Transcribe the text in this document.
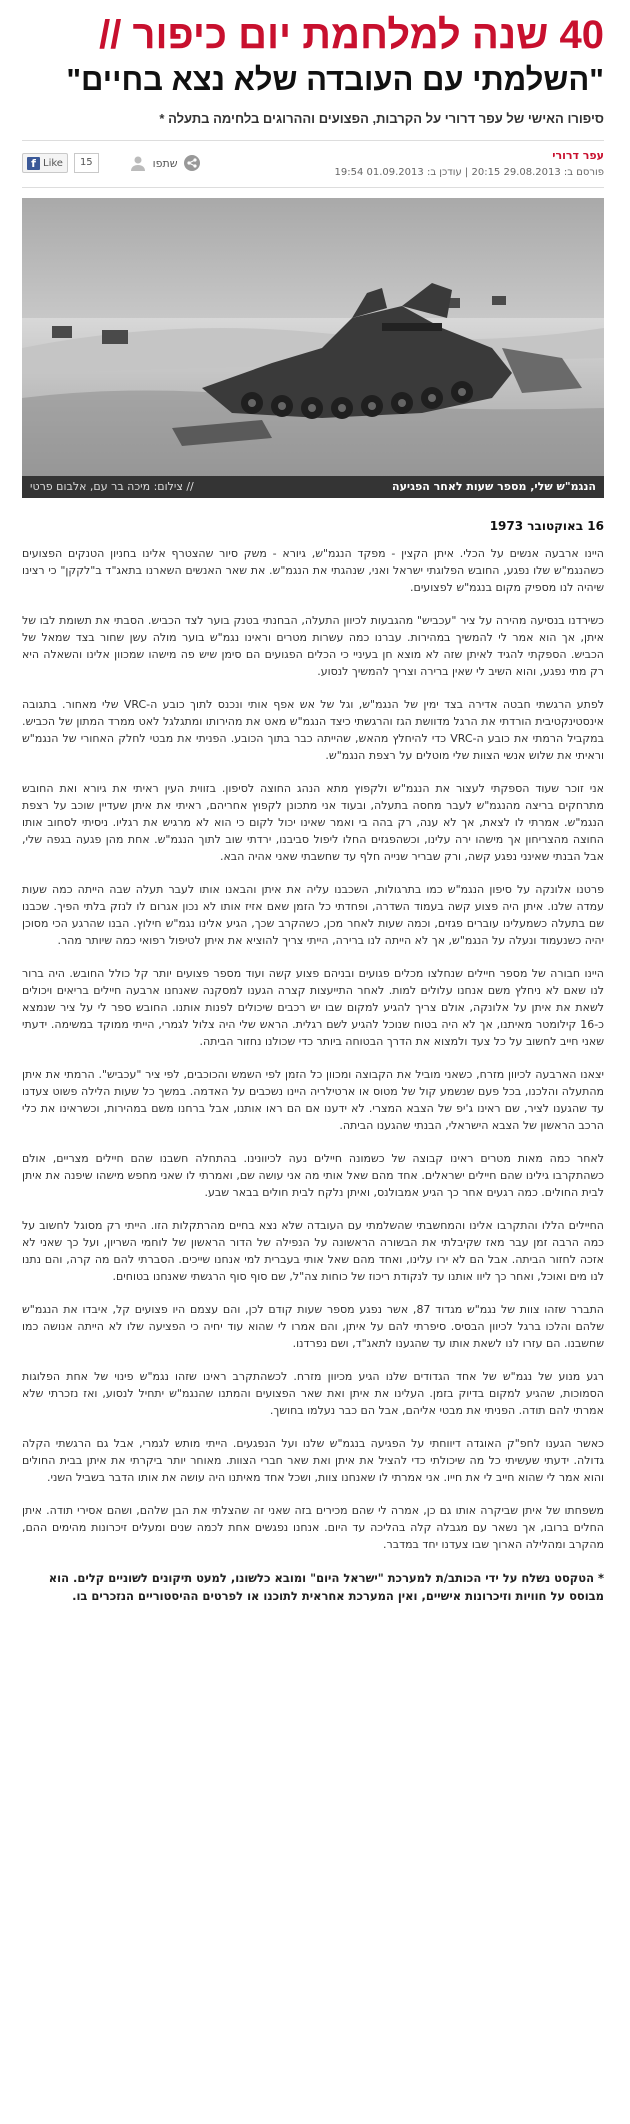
40 שנה למלחמת יום כיפור //
"השלמתי עם העובדה שלא נצא בחיים"
סיפורו האישי של עפר דרורי על הקרבות, הפצועים וההרוגים בלחימה בתעלה *
עפר דרורי
פורסם ב: 29.08.2013 20:15 | עודכן ב: 01.09.2013 19:54
f Like	15	שתפו
הנגמ"ש שלי, מספר שעות לאחר הפגיעה
// צילום: מיכה בר עם, אלבום פרטי
16 באוקטובר 1973

היינו ארבעה אנשים על הכלי. איתן הקצין - מפקד הנגמ"ש, גיורא - משק סיור שהצטרף אלינו בחניון הטנקים הפצועים כשהנגמ"ש שלו נפגע, החובש הפלוגתי ישראל ואני, שנהגתי את הנגמ"ש. את שאר האנשים השארנו בתאג"ד ב"לקקן" כי רצינו שיהיה לנו מספיק מקום בנגמ"ש לפצועים.

כשירדנו בנסיעה מהירה על ציר "עכביש" מהגבעות לכיוון התעלה, הבחנתי בטנק בוער לצד הכביש. הסבתי את תשומת לבו של איתן, אך הוא אמר לי להמשיך במהירות. עברנו כמה עשרות מטרים וראינו נגמ"ש בוער מולה עשן שחור בצד שמאל של הכביש. הספקתי להגיד לאיתן שזה לא מוצא חן בעיניי כי הכלים הפגועים הם סימן שיש פה מישהו שמכוון אלינו והשאלה היא רק מתי נפגע, והוא השיב לי שאין ברירה וצריך להמשיך לנסוע.

לפתע הרגשתי חבטה אדירה בצד ימין של הנגמ"ש, וגל של אש אפף אותי ונכנס לתוך כובע ה-VRC שלי מאחור. בתגובה אינסטינקטיבית הורדתי את הרגל מדוושת הגז והרגשתי כיצד הנגמ"ש מאט את מהירותו ומתגלגל לאט ממרד המתון של הכביש. במקביל הרמתי את כובע ה-VRC כדי להיחלץ מהאש, שהייתה כבר בתוך הכובע. הפניתי את מבטי לחלק האחורי של הנגמ"ש וראיתי את שלוש אנשי הצוות שלי מוטלים על רצפת הנגמ"ש.

אני זוכר שעוד הספקתי לעצור את הנגמ"ש ולקפוץ מתא הנהג החוצה לסיפון. בזווית העין ראיתי את גיורא ואת החובש מתרחקים בריצה מהנגמ"ש לעבר מחסה בתעלה, ובעוד אני מתכונן לקפוץ אחריהם, ראיתי את איתן שעדיין שוכב על רצפת הנגמ"ש. אמרתי לו לצאת, אך לא ענה, רק בהה בי ואמר שאינו יכול לקום כי הוא לא מרגיש את רגליו. ניסיתי לסחוב אותו החוצה מהצריחון אך מישהו ירה עלינו, וכשהפגזים החלו ליפול סביבנו, ירדתי שוב לתוך הנגמ"ש. אחת מהן פגעה בגפה שלי, אבל הבנתי שאינני נפגע קשה, ורק שבריר שנייה חלף עד שחשבתי שאני אהיה הבא.

פרטנו אלונקה על סיפון הנגמ"ש כמו בתרגולות, השכבנו עליה את איתן והבאנו אותו לעבר תעלה שבה הייתה כמה שעות עמדה שלנו. איתן היה פצוע קשה בעמוד השדרה, ופחדתי כל הזמן שאם אזיז אותו לא נכון אגרום לו לנזק בלתי הפיך. שכבנו שם בתעלה כשמעלינו עוברים פגזים, וכמה שעות לאחר מכן, כשהקרב שכך, הגיע אלינו נגמ"ש חילוץ. הבנו שהרגע הכי מסוכן יהיה כשנעמוד ונעלה על הנגמ"ש, אך לא הייתה לנו ברירה, הייתי צריך להוציא את איתן לטיפול רפואי כמה שיותר מהר.

היינו חבורה של מספר חיילים שנחלצו מכלים פגועים ובניהם פצוע קשה ועוד מספר פצועים יותר קל כולל החובש. היה ברור לנו שאם לא ניחלץ משם אנחנו עלולים למות. לאחר התייעצות קצרה הגענו למסקנה שאנחנו ארבעה חיילים בריאים ויכולים לשאת את איתן על אלונקה, אולם צריך להגיע למקום שבו יש רכבים שיכולים לפנות אותנו. החובש ספר לי על ציר שנמצא כ-16 קילומטר מאיתנו, אך לא היה בטוח שנוכל להגיע לשם רגלית. הראש שלי היה צלול לגמרי, הייתי ממוקד במשימה. ידעתי שאני חייב לחשוב על כל צעד ולמצוא את הדרך הבטוחה ביותר כדי שכולנו נחזור הביתה.

יצאנו הארבעה לכיוון מזרח, כשאני מוביל את הקבוצה ומכוון כל הזמן לפי השמש והכוכבים, לפי ציר "עכביש". הרמתי את איתן מהתעלה והלכנו, בכל פעם שנשמע קול של מטוס או ארטילריה היינו נשכבים על האדמה. במשך כל שעות הלילה פשוט צעדנו עד שהגענו לציר, שם ראינו ג'יפ של הצבא המצרי. לא ידענו אם הם ראו אותנו, אבל ברחנו משם במהירות, וכשראינו את כלי הרכב הראשון של הצבא הישראלי, הבנתי שהגענו הביתה.

לאחר כמה מאות מטרים ראינו קבוצה של כשמונה חיילים נעה לכיוונינו. בהתחלה חשבנו שהם חיילים מצריים, אולם כשהתקרבו גילינו שהם חיילים ישראלים. אחד מהם שאל אותי מה אני עושה שם, ואמרתי לו שאני מחפש מישהו שיפנה את איתן לבית החולים. כמה רגעים אחר כך הגיע אמבולנס, ואיתן נלקח לבית חולים בבאר שבע.

החיילים הללו והתקרבו אלינו והמחשבתי שהשלמתי עם העובדה שלא נצא בחיים מהרתקלות הזו. הייתי רק מסוגל לחשוב על כמה הרבה זמן עבר מאז שקיבלתי את הבשורה הראשונה על הנפילה של הדור הראשון של לוחמי השריון, ועל כך שאני לא אזכה לחזור הביתה. אבל הם לא ירו עלינו, ואחד מהם שאל אותי בעברית למי אנחנו שייכים. הסברתי להם מה קרה, והם נתנו לנו מים ואוכל, ואחר כך ליוו אותנו עד לנקודת ריכוז של כוחות צה"ל, שם סוף סוף הרגשתי שאנחנו בטוחים.

התברר שזהו צוות של נגמ"ש מגדוד 87, אשר נפגע מספר שעות קודם לכן, והם עצמם היו פצועים קל, איבדו את הנגמ"ש שלהם והלכו ברגל לכיוון הבסיס. סיפרתי להם על איתן, והם אמרו לי שהוא עוד יחיה כי הפציעה שלו לא הייתה אנושה כמו שחשבנו. הם עזרו לנו לשאת אותו עד שהגענו לתאג"ד, ושם נפרדנו.

רגע מנוע של נגמ"ש של אחד הגדודים שלנו הגיע מכיוון מזרח. לכשהתקרב ראינו שזהו נגמ"ש פינוי של אחת הפלוגות הסמוכות, שהגיע למקום בדיוק בזמן. העלינו את איתן ואת שאר הפצועים והמתנו שהנגמ"ש יתחיל לנסוע, ואז נזכרתי שלא אמרתי להם תודה. הפניתי את מבטי אליהם, אבל הם כבר נעלמו בחושך.

כאשר הגענו לחפ"ק האוגדה דיווחתי על הפגיעה בנגמ"ש שלנו ועל הנפגעים. הייתי מותש לגמרי, אבל גם הרגשתי הקלה גדולה. ידעתי שעשיתי כל מה שיכולתי כדי להציל את איתן ואת שאר חברי הצוות. מאוחר יותר ביקרתי את איתן בבית החולים והוא אמר לי שהוא חייב לי את חייו. אני אמרתי לו שאנחנו צוות, ושכל אחד מאיתנו היה עושה את אותו הדבר בשביל השני.

משפחתו של איתן שביקרה אותו גם כן, אמרה לי שהם מכירים בזה שאני זה שהצלתי את הבן שלהם, ושהם אסירי תודה. איתן החלים ברובו, אך נשאר עם מגבלה קלה בהליכה עד היום. אנחנו נפגשים אחת לכמה שנים ומעלים זיכרונות מהימים ההם, מהקרב ומהלילה הארוך שבו צעדנו יחד במדבר.

* הטקסט נשלח על ידי הכותב/ת למערכת "ישראל היום" ומובא כלשונו, למעט תיקונים לשוניים קלים. הוא מבוסס על חוויות וזיכרונות אישיים, ואין המערכת אחראית לתוכנו או לפרטים ההיסטוריים הנזכרים בו.
